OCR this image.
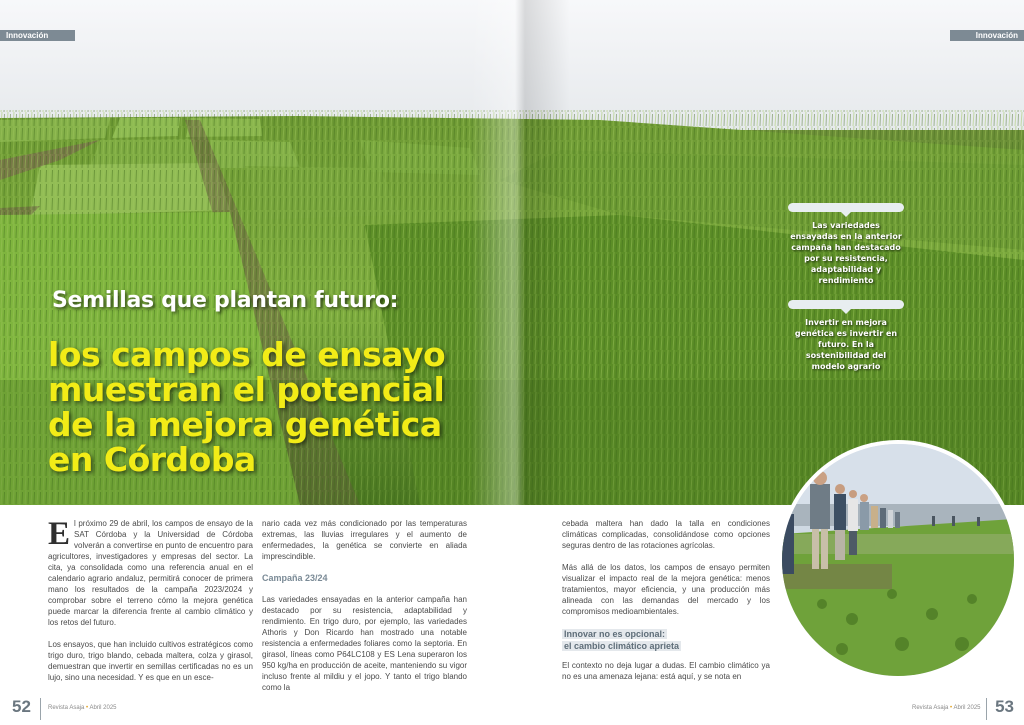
Innovación	Innovación
Semillas que plantan futuro:
los campos de ensayo muestran el potencial de la mejora genética en Córdoba

Las variedades ensayadas en la anterior campaña han destacado por su resistencia, adaptabilidad y rendimiento

Invertir en mejora genética es invertir en futuro. En la sostenibilidad del modelo agrario

El próximo 29 de abril, los campos de ensayo de la SAT Córdoba y la Universidad de Córdoba volverán a convertirse en punto de encuentro para agricultores, investigadores y empresas del sector. La cita, ya consolidada como una referencia anual en el calendario agrario andaluz, permitirá conocer de primera mano los resultados de la campaña 2023/2024 y comprobar sobre el terreno cómo la mejora genética puede marcar la diferencia frente al cambio climático y los retos del futuro.

Los ensayos, que han incluido cultivos estratégicos como trigo duro, trigo blando, cebada maltera, colza y girasol, demuestran que invertir en semillas certificadas no es un lujo, sino una necesidad. Y es que en un esce-

nario cada vez más condicionado por las temperaturas extremas, las lluvias irregulares y el aumento de enfermedades, la genética se convierte en aliada imprescindible.

Campaña 23/24

Las variedades ensayadas en la anterior campaña han destacado por su resistencia, adaptabilidad y rendimiento. En trigo duro, por ejemplo, las variedades Athoris y Don Ricardo han mostrado una notable resistencia a enfermedades foliares como la septoria. En girasol, líneas como P64LC108 y ES Lena superaron los 950 kg/ha en producción de aceite, manteniendo su vigor incluso frente al mildiu y el jopo. Y tanto el trigo blando como la

cebada maltera han dado la talla en condiciones climáticas complicadas, consolidándose como opciones seguras dentro de las rotaciones agrícolas.

Más allá de los datos, los campos de ensayo permiten visualizar el impacto real de la mejora genética: menos tratamientos, mayor eficiencia, y una producción más alineada con las demandas del mercado y los compromisos medioambientales.

Innovar no es opcional:
el cambio climático aprieta

El contexto no deja lugar a dudas. El cambio climático ya no es una amenaza lejana: está aquí, y se nota en

52	Revista Asaja • Abril 2025	Revista Asaja • Abril 2025 53
